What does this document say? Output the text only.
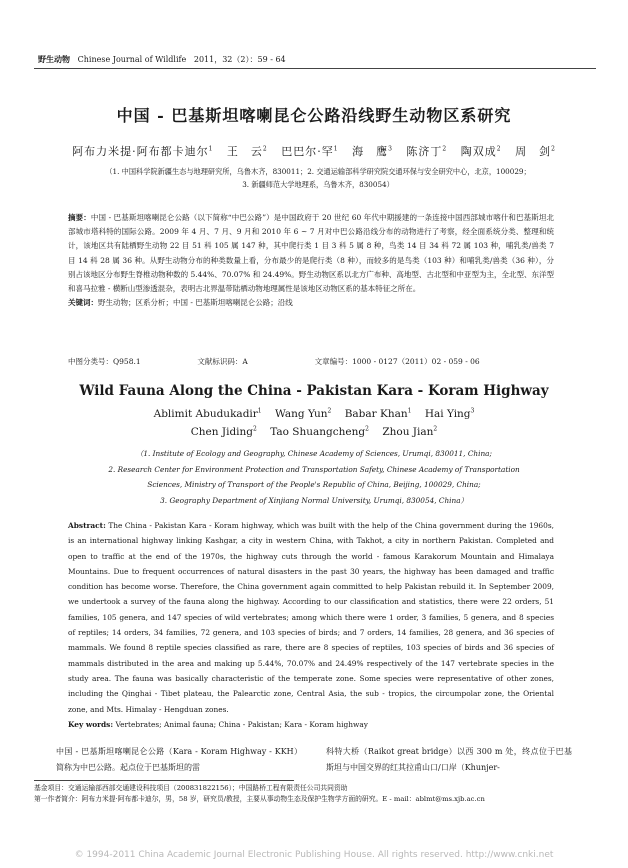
野生动物 Chinese Journal of Wildlife 2011，32（2）：59 - 64
中国 - 巴基斯坦喀喇昆仑公路沿线野生动物区系研究
阿布力米提·阿布都卡迪尔$^1$ 王　云$^2$ 巴巴尔·罕$^1$ 海　鹰$^3$ 陈济丁$^2$ 陶双成$^2$ 周　剑$^2$
（1. 中国科学院新疆生态与地理研究所，乌鲁木齐，830011；2. 交通运输部科学研究院交通环保与安全研究中心，北京，100029；
3. 新疆师范大学地理系，乌鲁木齐，830054）
摘要：中国 - 巴基斯坦喀喇昆仑公路（以下简称“中巴公路”）是中国政府于 20 世纪 60 年代中期援建的一条连接中国西部城市喀什和巴基斯坦北部城市塔科特的国际公路。2009 年 4 月、7 月、9 月和 2010 年 6 ~ 7 月对中巴公路沿线分布的动物进行了考察，经全面系统分类、整理和统计，该地区共有陆栖野生动物 22 目 51 科 105 属 147 种，其中爬行类 1 目 3 科 5 属 8 种，鸟类 14 目 34 科 72 属 103 种，哺乳类/兽类 7 目 14 科 28 属 36 种。从野生动物分布的种类数量上看，分布最少的是爬行类（8 种），而较多的是鸟类（103 种）和哺乳类/兽类（36 种），分别占该地区分布野生脊椎动物种数的 5.44%、70.07% 和 24.49%。野生动物区系以北方广布种、高地型、古北型和中亚型为主，全北型、东洋型和喜马拉雅 - 横断山型渗透混杂，表明古北界温带陆栖动物地理属性是该地区动物区系的基本特征之所在。
关键词：野生动物；区系分析；中国 - 巴基斯坦喀喇昆仑公路；沿线
中图分类号：Q958.1	文献标识码：A	文章编号：1000 - 0127（2011）02 - 059 - 06
Wild Fauna Along the China - Pakistan Kara - Koram Highway
Ablimit Abudukadir$^1$ Wang Yun$^2$ Babar Khan$^1$ Hai Ying$^3$
Chen Jiding$^2$ Tao Shuangcheng$^2$ Zhou Jian$^2$
（1. Institute of Ecology and Geography, Chinese Academy of Sciences, Urumqi, 830011, China;
2. Research Center for Environment Protection and Transportation Safety, Chinese Academy of Transportation
Sciences, Ministry of Transport of the People's Republic of China, Beijing, 100029, China;
3. Geography Department of Xinjiang Normal University, Urumqi, 830054, China）
Abstract: The China - Pakistan Kara - Koram highway, which was built with the help of the China government during the 1960s, is an international highway linking Kashgar, a city in western China, with Takhot, a city in northern Pakistan. Completed and open to traffic at the end of the 1970s, the highway cuts through the world - famous Karakorum Mountain and Himalaya Mountains. Due to frequent occurrences of natural disasters in the past 30 years, the highway has been damaged and traffic condition has become worse. Therefore, the China government again committed to help Pakistan rebuild it. In September 2009, we undertook a survey of the fauna along the highway. According to our classification and statistics, there were 22 orders, 51 families, 105 genera, and 147 species of wild vertebrates; among which there were 1 order, 3 families, 5 genera, and 8 species of reptiles; 14 orders, 34 families, 72 genera, and 103 species of birds; and 7 orders, 14 families, 28 genera, and 36 species of mammals. We found 8 reptile species classified as rare, there are 8 species of reptiles, 103 species of birds and 36 species of mammals distributed in the area and making up 5.44%, 70.07% and 24.49% respectively of the 147 vertebrate species in the study area. The fauna was basically characteristic of the temperate zone. Some species were representative of other zones, including the Qinghai - Tibet plateau, the Palearctic zone, Central Asia, the sub - tropics, the circumpolar zone, the Oriental zone, and Mts. Himalay - Hengduan zones.
Key words: Vertebrates; Animal fauna; China - Pakistan; Kara - Koram highway
中国 - 巴基斯坦喀喇昆仑公路（Kara - Koram Highway - KKH）简称为中巴公路。起点位于巴基斯坦的雷
科特大桥（Raikot great bridge）以西 300 m 处，终点位于巴基斯坦与中国交界的红其拉甫山口/口岸（Khunjer-
基金项目：交通运输部西部交通建设科技项目（200831822156）；中国路桥工程有限责任公司共同资助
第一作者简介：阿布力米提·阿布都卡迪尔，男，58 岁，研究员/教授，主要从事动物生态及保护生物学方面的研究。E - mail：ablmt@ms.xjb.ac.cn
© 1994-2011 China Academic Journal Electronic Publishing House. All rights reserved. http://www.cnki.net
